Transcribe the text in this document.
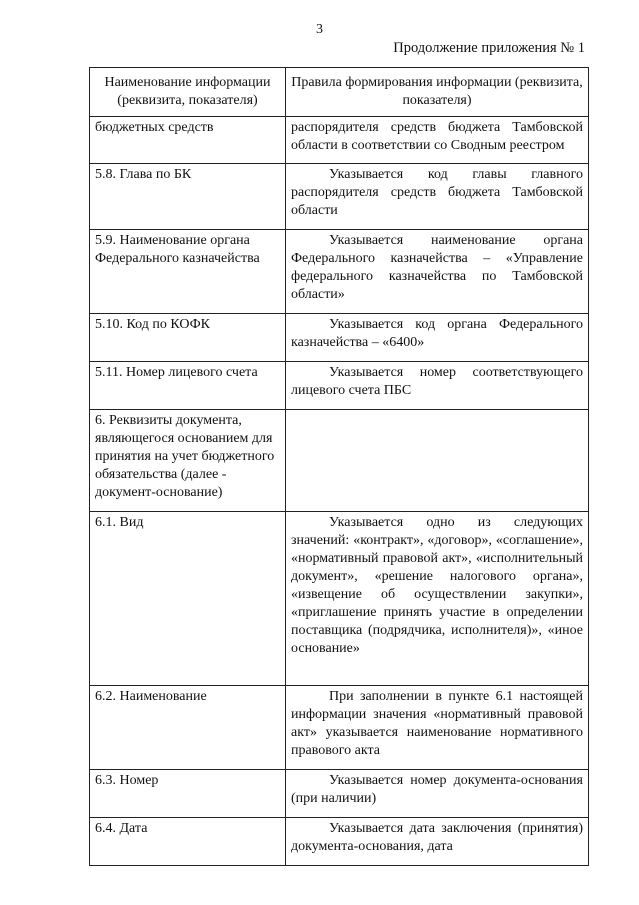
3
Продолжение приложения № 1
Наименование информации (реквизита, показателя)	Правила формирования информации (реквизита, показателя)
бюджетных средств	распорядителя средств бюджета Тамбовской области в соответствии со Сводным реестром
5.8. Глава по БК	Указывается код главы главного распорядителя средств бюджета Тамбовской области

5.9. Наименование органа Федерального казначейства	Указывается наименование органа Федерального казначейства – «Управление федерального казначейства по Тамбовской области»

5.10. Код по КОФК	Указывается код органа Федерального казначейства – «6400»

5.11. Номер лицевого счета	Указывается номер соответствующего лицевого счета ПБС

6. Реквизиты документа, являющегося основанием для принятия на учет бюджетного обязательства (далее - документ-основание)	
6.1. Вид	Указывается одно из следующих значений: «контракт», «договор», «соглашение», «нормативный правовой акт», «исполнительный документ», «решение налогового органа», «извещение об осуществлении закупки», «приглашение принять участие в определении поставщика (подрядчика, исполнителя)», «иное основание»

6.2. Наименование	При заполнении в пункте 6.1 настоящей информации значения «нормативный правовой акт» указывается наименование нормативного правового акта

6.3. Номер	Указывается номер документа-основания (при наличии)

6.4. Дата	Указывается дата заключения (принятия) документа-основания, дата
